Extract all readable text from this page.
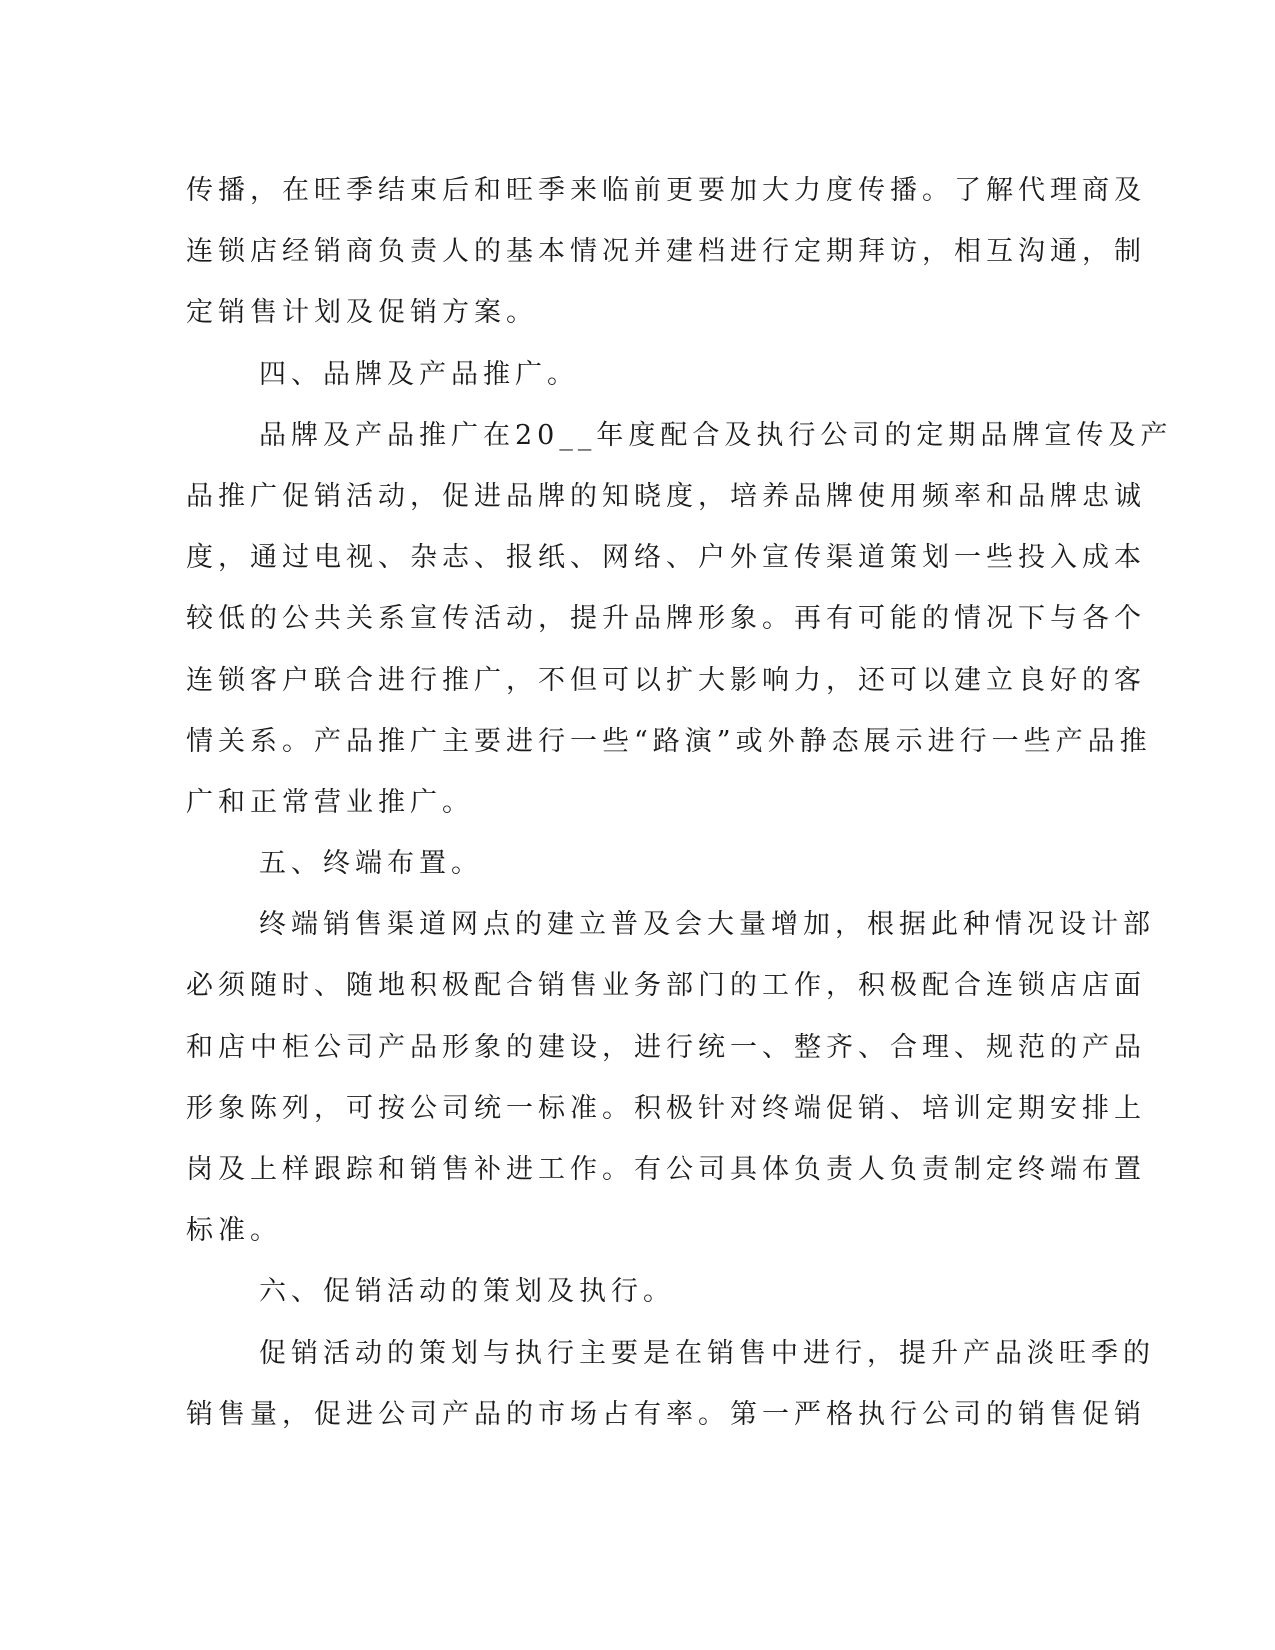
传播，在旺季结束后和旺季来临前更要加大力度传播。了解代理商及
连锁店经销商负责人的基本情况并建档进行定期拜访，相互沟通，制
定销售计划及促销方案。
四、品牌及产品推广。
品牌及产品推广在20__年度配合及执行公司的定期品牌宣传及产
品推广促销活动，促进品牌的知晓度，培养品牌使用频率和品牌忠诚
度，通过电视、杂志、报纸、网络、户外宣传渠道策划一些投入成本
较低的公共关系宣传活动，提升品牌形象。再有可能的情况下与各个
连锁客户联合进行推广，不但可以扩大影响力，还可以建立良好的客
情关系。产品推广主要进行一些“路演”或外静态展示进行一些产品推
广和正常营业推广。
五、终端布置。
终端销售渠道网点的建立普及会大量增加，根据此种情况设计部
必须随时、随地积极配合销售业务部门的工作，积极配合连锁店店面
和店中柜公司产品形象的建设，进行统一、整齐、合理、规范的产品
形象陈列，可按公司统一标准。积极针对终端促销、培训定期安排上
岗及上样跟踪和销售补进工作。有公司具体负责人负责制定终端布置
标准。
六、促销活动的策划及执行。
促销活动的策划与执行主要是在销售中进行，提升产品淡旺季的
销售量，促进公司产品的市场占有率。第一严格执行公司的销售促销
